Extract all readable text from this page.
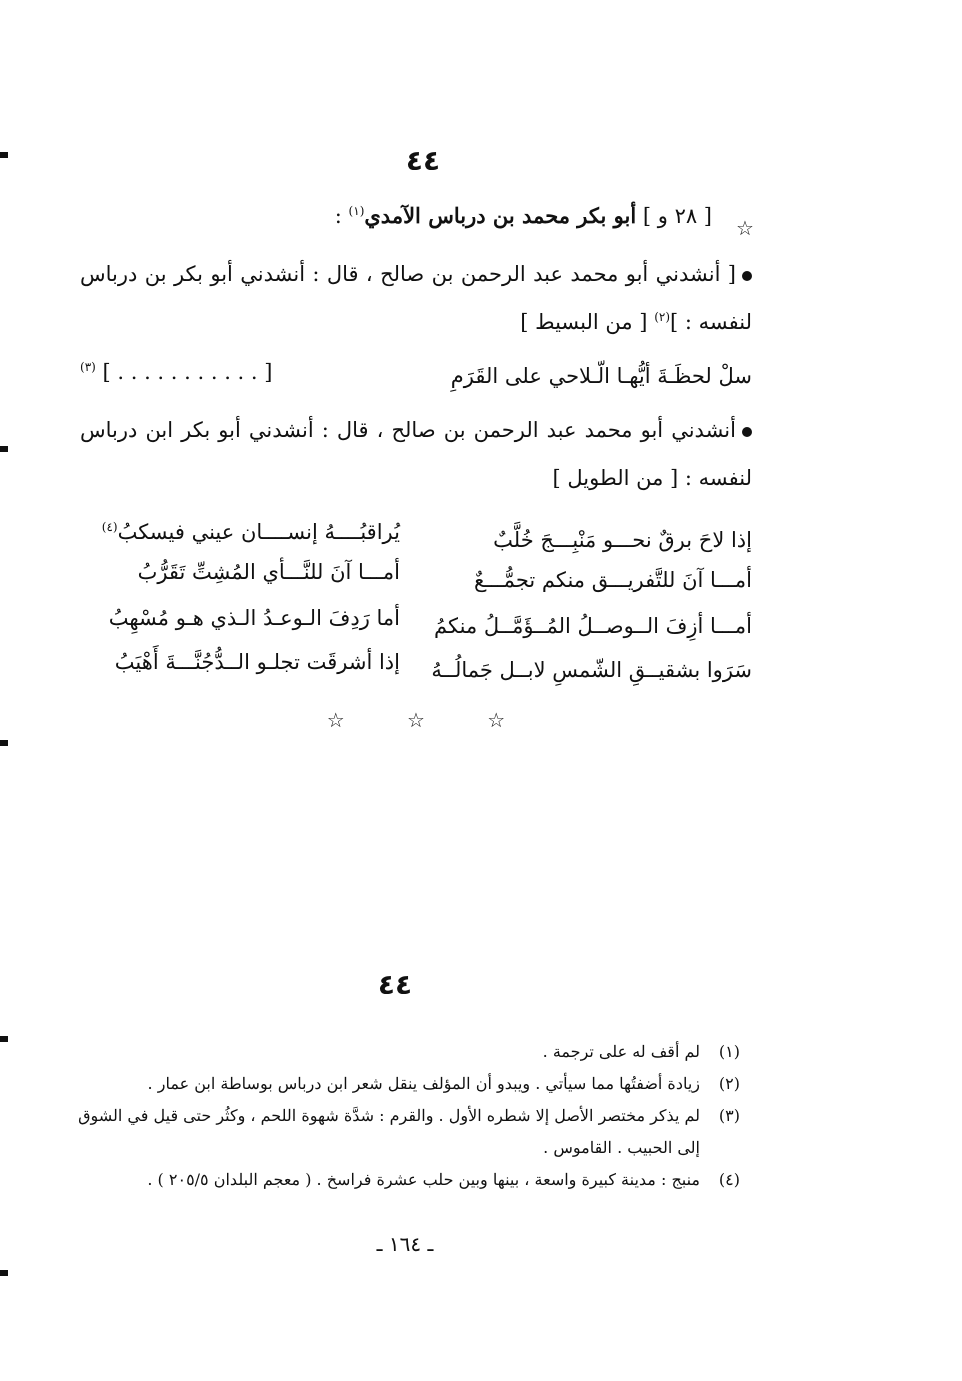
٤٤
☆
[ ٢٨ و ] أبو بكر محمد بن درباس الآمدي$^{(١)}$ :
[ أنشدني أبو محمد عبد الرحمن بن صالح ، قال : أنشدني أبو بكر بن درباس لنفسه : ]$^{(٢)}$ [ من البسيط ]
سلْ لحظَـةَ أيُّهـا الّـلاحي على القَرَمِ
$^{(٣)}$ [ . . . . . . . . . . . ]
أنشدني أبو محمد عبد الرحمن بن صالح ، قال : أنشدني أبو بكر ابن درباس لنفسه : [ من الطويل ]
إذا لاحَ برقٌ نحـــو مَنْبِـــجَ خُلَّبٌ
يُراقبُــــهُ إنســــان عيني فيسكبُ$^{(٤)}$
أمـــا آنَ للتَّفريـــق منكم تجمُّـــعٌ
أمـــا آنَ للنَّـــأي المُشِتِّ تَقَرُّبُ
أمـــا أزِفَ الــوصــلُ المُــؤَمَّــلُ منكمُ
أما رَدِفَ الـوعـدُ الـذي هـو مُسْهِبُ
سَرَوا بشقيــقِ الشّمسِ لابــل جَمالُــهُ
إذا أشرقَت تجلـو الــدُّجُنَّـــةَ أَهْيَبُ
☆ ☆ ☆
٤٤
(١)
لم أقف له على ترجمة .
(٢)
زيادة أضفتُها مما سيأتي . ويبدو أن المؤلف ينقل شعر ابن درباس بوساطة ابن عمار .
(٣)
لم يذكر مختصر الأصل إلا شطره الأول . والقرم : شدَّة شهوة اللحم ، وكثُر حتى قيل في الشوق إلى الحبيب . القاموس .
(٤)
منبج : مدينة كبيرة واسعة ، بينها وبين حلب عشرة فراسخ . ( معجم البلدان ٢٠٥/٥ ) .
ـ ١٦٤ ـ
